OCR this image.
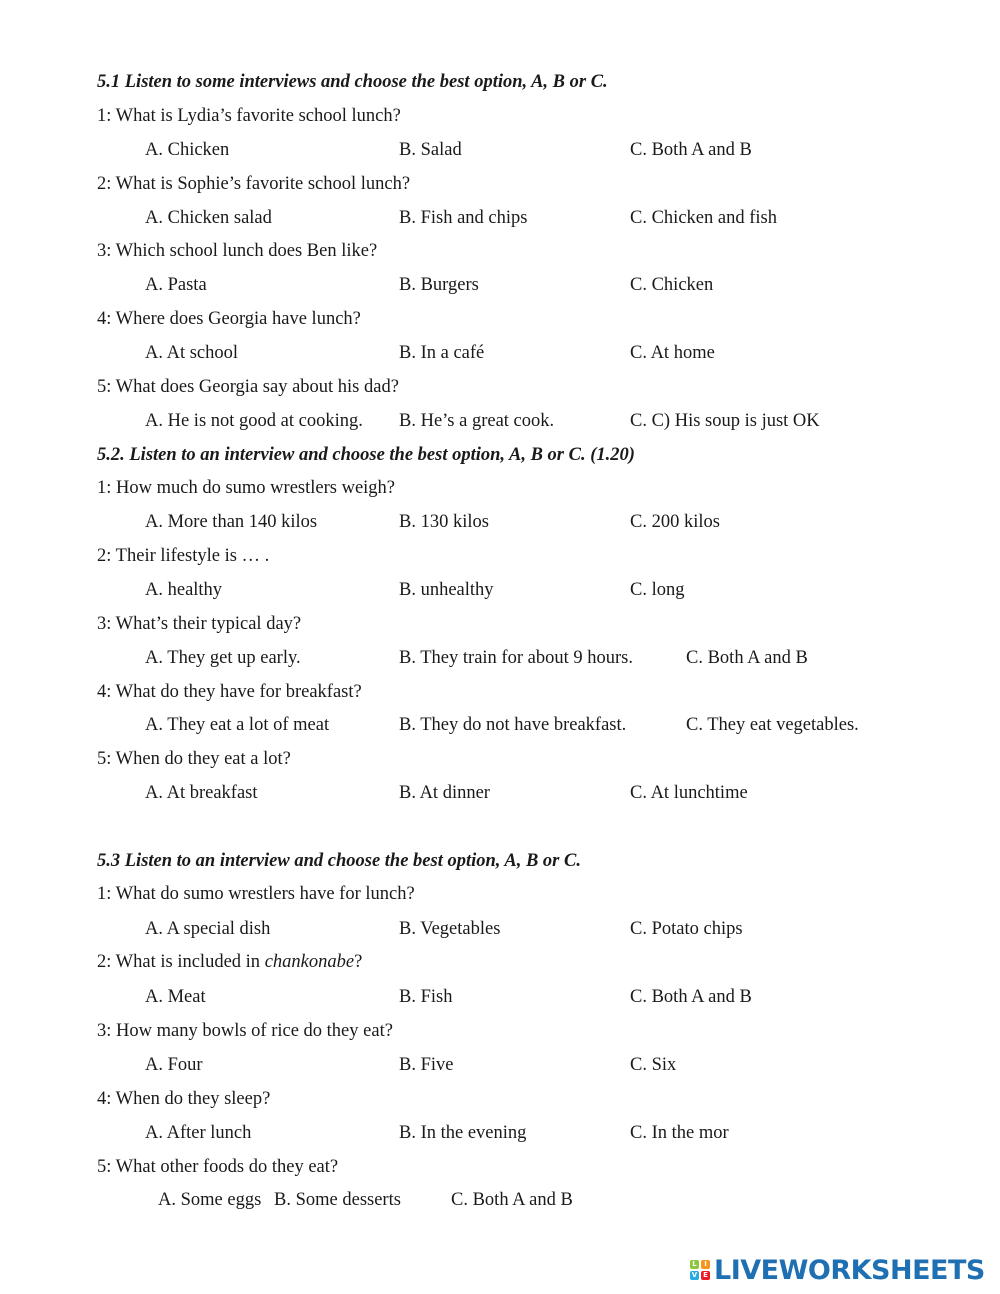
5.1 Listen to some interviews and choose the best option, A, B or C.
1: What is Lydia’s favorite school lunch?
A. Chicken	B. Salad	C. Both A and B
2: What is Sophie’s favorite school lunch?
A. Chicken salad	B. Fish and chips	C. Chicken and fish
3: Which school lunch does Ben like?
A. Pasta	B. Burgers	C. Chicken
4: Where does Georgia have lunch?
A. At school	B. In a café	C. At home
5: What does Georgia say about his dad?
A. He is not good at cooking. B. He’s a great cook.	C. C) His soup is just OK
5.2. Listen to an interview and choose the best option, A, B or C. (1.20)
1: How much do sumo wrestlers weigh?
A. More than 140 kilos	B. 130 kilos	C. 200 kilos
2: Their lifestyle is … .
A. healthy	B. unhealthy	C. long
3: What’s their typical day?
A. They get up early.	B. They train for about 9 hours.	C. Both A and B
4: What do they have for breakfast?
A. They eat a lot of meat	B. They do not have breakfast.	C. They eat vegetables.
5: When do they eat a lot?
A. At breakfast	B. At dinner	C. At lunchtime
5.3 Listen to an interview and choose the best option, A, B or C.
1: What do sumo wrestlers have for lunch?
A. A special dish	B. Vegetables	C. Potato chips
2: What is included in chankonabe?
A. Meat	B. Fish	C. Both A and B
3: How many bowls of rice do they eat?
A. Four	B. Five	C. Six
4: When do they sleep?
A. After lunch	B. In the evening	C. In the mor
5: What other foods do they eat?
A. Some eggs B. Some desserts	C. Both A and B
L	I
V E LIVEWORKSHEETS
